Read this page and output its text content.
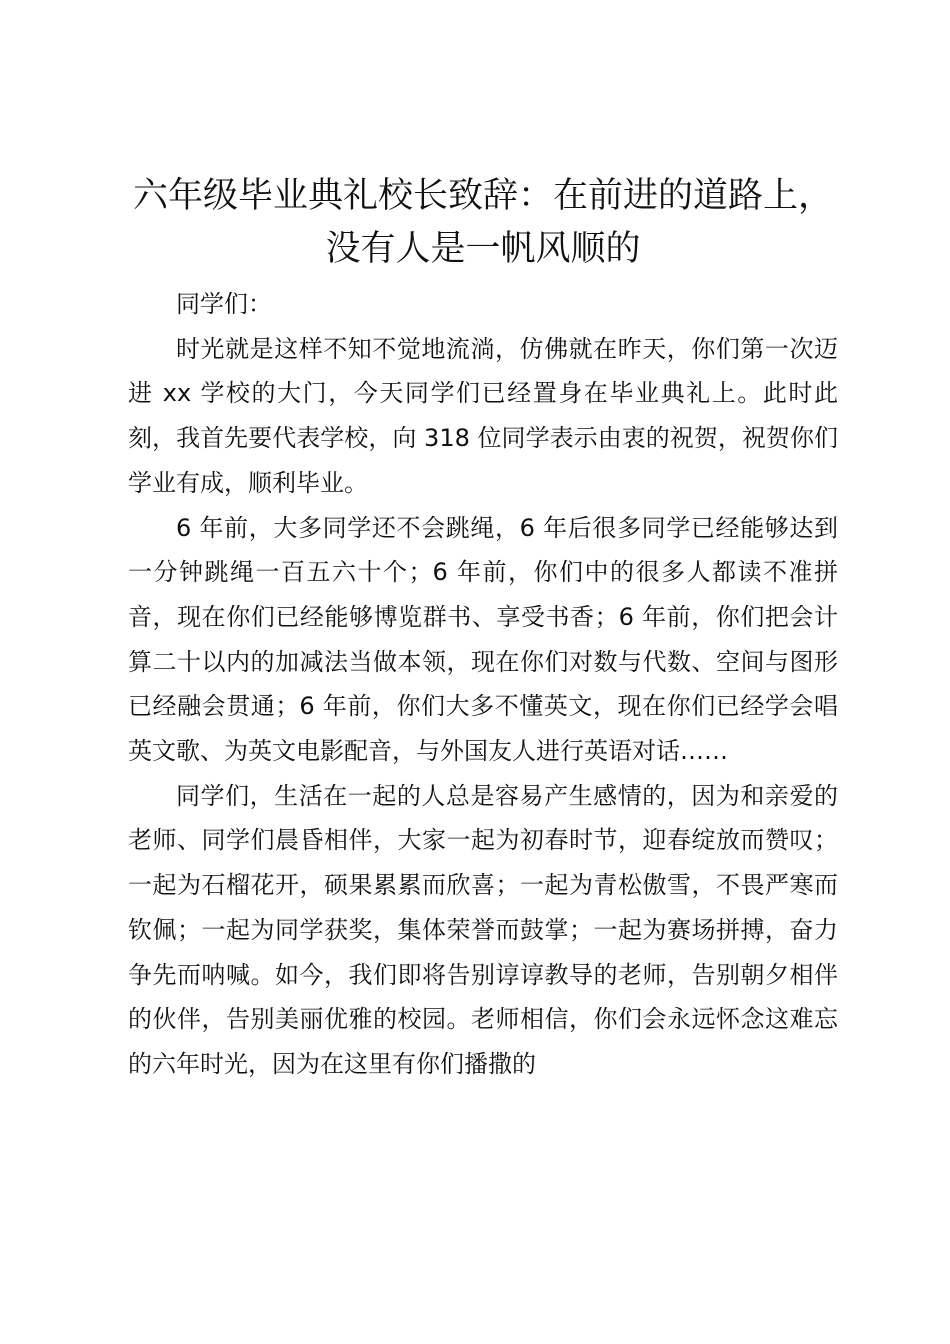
六年级毕业典礼校长致辞：在前进的道路上，
没有人是一帆风顺的

同学们：

时光就是这样不知不觉地流淌，仿佛就在昨天，你们第一次迈进 xx 学校的大门，今天同学们已经置身在毕业典礼上。此时此刻，我首先要代表学校，向 318 位同学表示由衷的祝贺，祝贺你们学业有成，顺利毕业。

6 年前，大多同学还不会跳绳，6 年后很多同学已经能够达到一分钟跳绳一百五六十个；6 年前，你们中的很多人都读不准拼音，现在你们已经能够博览群书、享受书香；6 年前，你们把会计算二十以内的加减法当做本领，现在你们对数与代数、空间与图形已经融会贯通；6 年前，你们大多不懂英文，现在你们已经学会唱英文歌、为英文电影配音，与外国友人进行英语对话……

同学们，生活在一起的人总是容易产生感情的，因为和亲爱的老师、同学们晨昏相伴，大家一起为初春时节，迎春绽放而赞叹；一起为石榴花开，硕果累累而欣喜；一起为青松傲雪，不畏严寒而钦佩；一起为同学获奖，集体荣誉而鼓掌；一起为赛场拼搏，奋力争先而呐喊。如今，我们即将告别谆谆教导的老师，告别朝夕相伴的伙伴，告别美丽优雅的校园。老师相信，你们会永远怀念这难忘的六年时光，因为在这里有你们播撒的
